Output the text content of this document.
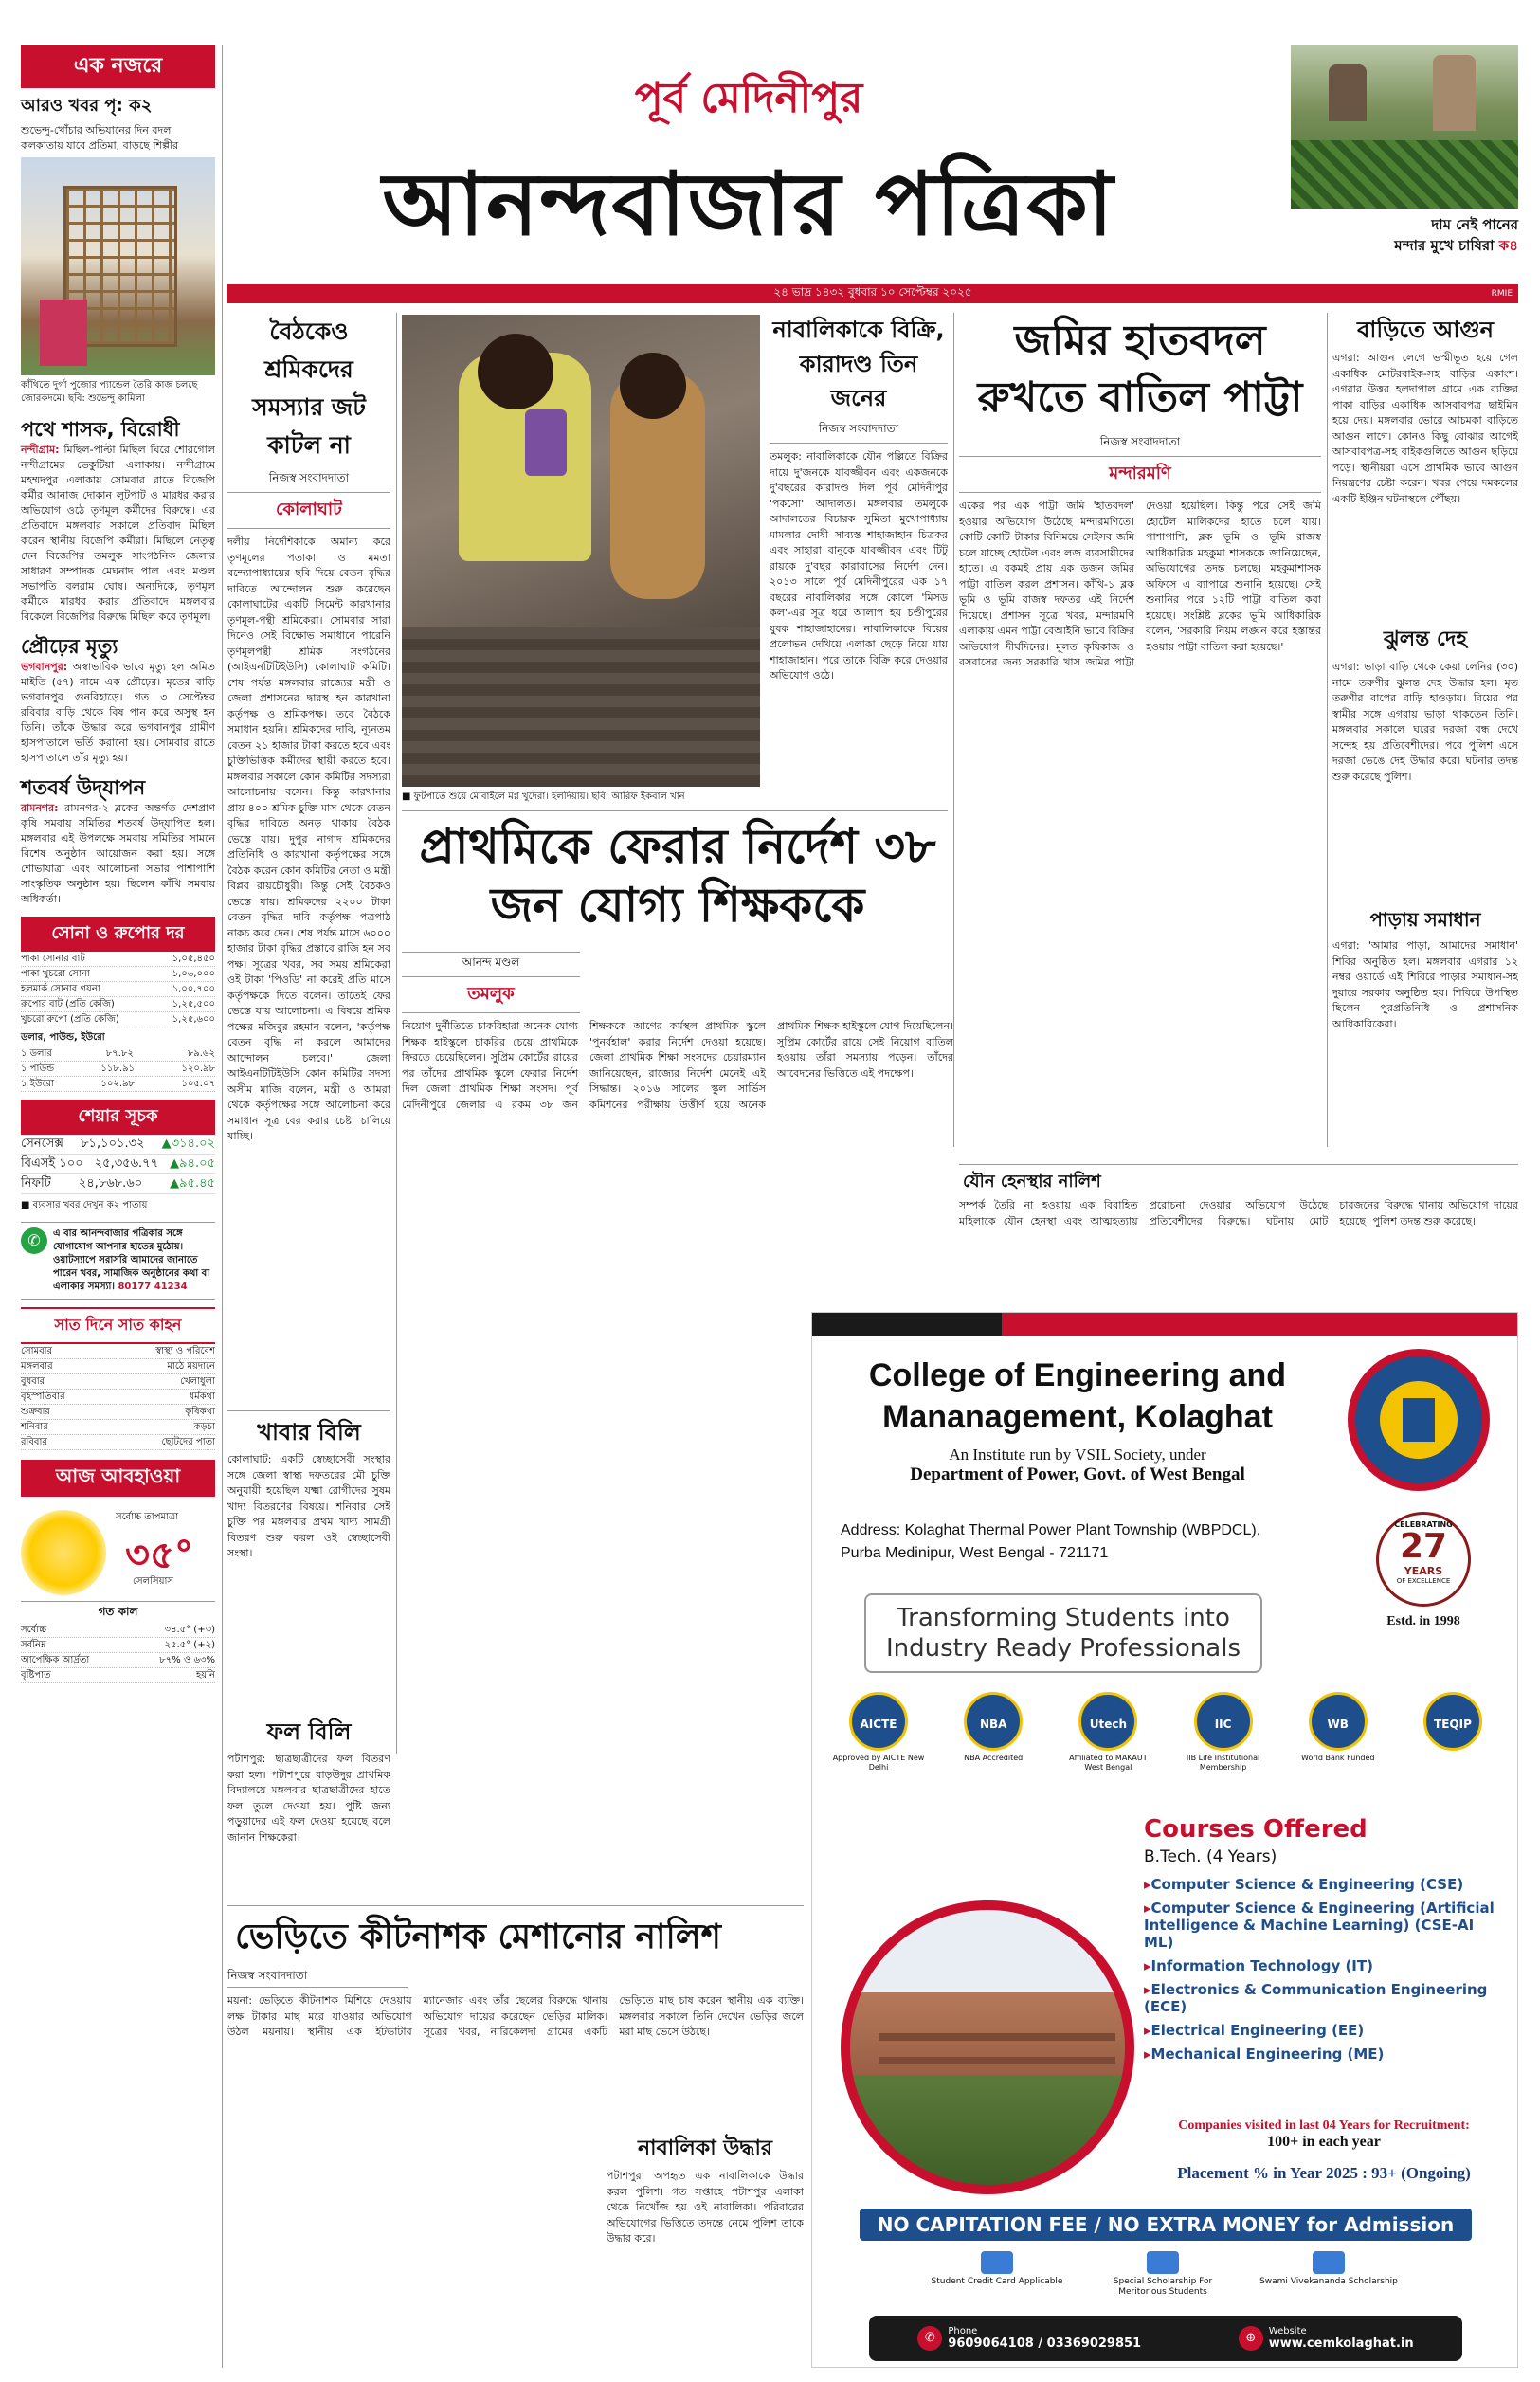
এক নজরে
আরও খবর পৃ: ক২
শুভেন্দু-খোঁচার অভিযানের দিন বদল
কলকাতায় যাবে প্রতিমা, বাড়ছে শিল্পীর
কাঁথিতে দুর্গা পুজোর প্যান্ডেল তৈরি কাজ চলছে জোরকদমে। ছবি: শুভেন্দু কামিলা
পথে শাসক, বিরোধী
নন্দীগ্রাম: মিছিল-পাল্টা মিছিল ঘিরে শোরগোল নন্দীগ্রামের ভেকুটিয়া এলাকায়। নন্দীগ্রামে মহম্মদপুর এলাকায় সোমবার রাতে বিজেপি কর্মীর আনাজ দোকান লুটপাট ও মারধর করার অভিযোগ ওঠে তৃণমূল কর্মীদের বিরুদ্ধে। এর প্রতিবাদে মঙ্গলবার সকালে প্রতিবাদ মিছিল করেন স্থানীয় বিজেপি কর্মীরা। মিছিলে নেতৃত্ব দেন বিজেপির তমলুক সাংগঠনিক জেলার সাধারণ সম্পাদক মেঘনাদ পাল এবং মণ্ডল সভাপতি বলরাম ঘোষ। অন্যদিকে, তৃণমূল কর্মীকে মারধর করার প্রতিবাদে মঙ্গলবার বিকেলে বিজেপির বিরুদ্ধে মিছিল করে তৃণমূল।
প্রৌঢ়ের মৃত্যু
ভগবানপুর: অস্বাভাবিক ভাবে মৃত্যু হল অমিত মাইতি (৫৭) নামে এক প্রৌঢ়ের। মৃতের বাড়ি ভগবানপুর গুনবিহাড়ে। গত ৩ সেপ্টেম্বর রবিবার বাড়ি থেকে বিষ পান করে অসুস্থ হন তিনি। তাঁকে উদ্ধার করে ভগবানপুর গ্রামীণ হাসপাতালে ভর্তি করানো হয়। সোমবার রাতে হাসপাতালে তাঁর মৃত্যু হয়।
শতবর্ষ উদ্‌যাপন
রামনগর: রামনগর-২ ব্লকের অন্তর্গত দেশপ্রাণ কৃষি সমবায় সমিতির শতবর্ষ উদ্‌যাপিত হল। মঙ্গলবার এই উপলক্ষে সমবায় সমিতির সামনে বিশেষ অনুষ্ঠান আয়োজন করা হয়। সঙ্গে শোভাযাত্রা এবং আলোচনা সভার পাশাপাশি সাংস্কৃতিক অনুষ্ঠান হয়। ছিলেন কাঁথি সমবায় অধিকর্তা।
সোনা ও রুপোর দর
পাকা সোনার বাট	১,০৫,৪৫০
পাকা খুচরো সোনা	১,০৬,০০০
হলমার্ক সোনার গয়না	১,০০,৭০০
রুপোর বাট (প্রতি কেজি)	১,২৫,৫০০
খুচরো রুপো (প্রতি কেজি)	১,২৫,৬০০
ডলার, পাউন্ড, ইউরো
১ ডলার	৮৭.৮২	৮৯.৬২
১ পাউন্ড	১১৮.৯১	১২০.৯৮
১ ইউরো	১০২.৯৮	১০৫.০৭
শেয়ার সূচক
সেনসেক্স ৮১,১০১.৩২ ▲৩১৪.০২
বিএসই ১০০ ২৫,৩৫৬.৭৭ ▲৯৪.০৫
নিফটি ২৪,৮৬৮.৬০ ▲৯৫.৪৫
■ ব্যবসার খবর দেখুন ক২ পাতায়
✆	এ বার আনন্দবাজার পত্রিকার সঙ্গে যোগাযোগ আপনার হাতের মুঠোয়। ওয়াটস্যাপে সরাসরি আমাদের জানাতে পারেন খবর, সামাজিক অনুষ্ঠানের কথা বা এলাকার সমস্যা। 80177 41234
সাত দিনে সাত কাহন
সোমবার	স্বাস্থ্য ও পরিবেশ
মঙ্গলবার	মাঠে ময়দানে
বুধবার	খেলাধুলা
বৃহস্পতিবার	ধর্মকথা
শুক্রবার	কৃষিকথা
শনিবার	কড়চা
রবিবার	ছোটদের পাতা
আজ আবহাওয়া
সর্বোচ্চ তাপমাত্রা
৩৫°
সেলসিয়াস
গত কাল
সর্বোচ্চ	৩৪.৫° (+৩)
সর্বনিম্ন	২৫.৫° (+২)
আপেক্ষিক আর্দ্রতা	৮৭% ও ৬৩%
বৃষ্টিপাত	হয়নি
পূর্ব মেদিনীপুর
আনন্দবাজার পত্রিকা	দাম নেই পানের
মন্দার মুখে চাষিরা ক৪
২৪ ভাদ্র ১৪৩২ বুধবার ১০ সেপ্টেম্বর ২০২৫	RMIE
বৈঠকেও শ্রমিকদের সমস্যার জট কাটল না
নিজস্ব সংবাদদাতা
কোলাঘাট
দলীয় নির্দেশিকাকে অমান্য করে তৃণমূলের পতাকা ও মমতা বন্দ্যোপাধ্যায়ের ছবি দিয়ে বেতন বৃদ্ধির দাবিতে আন্দোলন শুরু করেছেন কোলাঘাটের একটি সিমেন্ট কারখানার তৃণমূল-পন্থী শ্রমিকেরা। সোমবার সারা দিনেও সেই বিক্ষোভ সমাধানে পারেনি তৃণমূলপন্থী শ্রমিক সংগঠনের (আইএনটিটিইউসি) কোলাঘাট কমিটি। শেষ পর্যন্ত মঙ্গলবার রাজ্যের মন্ত্রী ও জেলা প্রশাসনের দ্বারস্থ হন কারখানা কর্তৃপক্ষ ও শ্রমিকপক্ষ। তবে বৈঠকে সমাধান হয়নি। শ্রমিকদের দাবি, ন্যূনতম বেতন ২১ হাজার টাকা করতে হবে এবং চুক্তিভিত্তিক কর্মীদের স্থায়ী করতে হবে। মঙ্গলবার সকালে কোন কমিটির সদস্যরা আলোচনায় বসেন। কিন্তু কারখানার প্রায় ৪০০ শ্রমিক চুক্তি মাস থেকে বেতন বৃদ্ধির দাবিতে অনড় থাকায় বৈঠক ভেস্তে যায়। দুপুর নাগাদ শ্রমিকদের প্রতিনিধি ও কারখানা কর্তৃপক্ষের সঙ্গে বৈঠক করেন কোন কমিটির নেতা ও মন্ত্রী বিপ্লব রায়চৌধুরী। কিন্তু সেই বৈঠকও ভেস্তে যায়। শ্রমিকদের ২২০০ টাকা বেতন বৃদ্ধির দাবি কর্তৃপক্ষ পত্রপাঠ নাকচ করে দেন। শেষ পর্যন্ত মাসে ৬০০০ হাজার টাকা বৃদ্ধির প্রস্তাবে রাজি হন সব পক্ষ। সূত্রের খবর, সব সময় শ্রমিকেরা ওই টাকা 'পিওডি' না করেই প্রতি মাসে কর্তৃপক্ষকে দিতে বলেন। তাতেই ফের ভেস্তে যায় আলোচনা। এ বিষয়ে শ্রমিক পক্ষের মজিবুর রহমান বলেন, 'কর্তৃপক্ষ বেতন বৃদ্ধি না করলে আমাদের আন্দোলন চলবে।' জেলা আইএনটিটিইউসি কোন কমিটির সদস্য অসীম মাজি বলেন, মন্ত্রী ও আমরা থেকে কর্তৃপক্ষের সঙ্গে আলোচনা করে সমাধান সূত্র বের করার চেষ্টা চালিয়ে যাচ্ছি।
■ ফুটপাতে শুয়ে মোবাইলে মগ্ন খুদেরা। হলদিয়ায়। ছবি: আরিফ ইকবাল খান
নাবালিকাকে বিক্রি, কারাদণ্ড তিন জনের
নিজস্ব সংবাদদাতা
তমলুক: নাবালিকাকে যৌন পল্লিতে বিক্রির দায়ে দু'জনকে যাবজ্জীবন এবং একজনকে দু'বছরের কারাদণ্ড দিল পূর্ব মেদিনীপুর 'পকসো' আদালত। মঙ্গলবার তমলুকে আদালতের বিচারক সুমিতা মুখোপাধ্যায় মামলার দোষী সাব্যস্ত শাহাজাহান চিত্রকর এবং সাহারা বানুকে যাবজ্জীবন এবং টিটু রায়কে দু'বছর কারাবাসের নির্দেশ দেন। ২০১৩ সালে পূর্ব মেদিনীপুরের এক ১৭ বছরের নাবালিকার সঙ্গে কোলে 'মিসড কল'-এর সূত্র ধরে আলাপ হয় চণ্ডীপুরের যুবক শাহাজাহানের। নাবালিকাকে বিয়ের প্রলোভন দেখিয়ে এলাকা ছেড়ে নিয়ে যায় শাহাজাহান। পরে তাকে বিক্রি করে দেওয়ার অভিযোগ ওঠে।
জমির হাতবদল রুখতে বাতিল পাট্টা
নিজস্ব সংবাদদাতা
মন্দারমণি
একের পর এক পাট্টা জমি 'হাতবদল' হওয়ার অভিযোগ উঠেছে মন্দারমণিতে। কোটি কোটি টাকার বিনিময়ে সেইসব জমি চলে যাচ্ছে হোটেল এবং লজ ব্যবসায়ীদের হাতে। এ রকমই প্রায় এক ডজন জমির পাট্টা বাতিল করল প্রশাসন। কাঁথি-১ ব্লক ভূমি ও ভূমি রাজস্ব দফতর এই নির্দেশ দিয়েছে। প্রশাসন সূত্রে খবর, মন্দারমণি এলাকায় এমন পাট্টা বেআইনি ভাবে বিক্রির অভিযোগ দীর্ঘদিনের। মূলত কৃষিকাজ ও বসবাসের জন্য সরকারি খাস জমির পাট্টা দেওয়া হয়েছিল। কিন্তু পরে সেই জমি হোটেল মালিকদের হাতে চলে যায়। পাশাপাশি, ব্লক ভূমি ও ভূমি রাজস্ব আধিকারিক মহকুমা শাসককে জানিয়েছেন, অভিযোগের তদন্ত চলছে। মহকুমাশাসক অফিসে এ ব্যাপারে শুনানি হয়েছে। সেই শুনানির পরে ১২টি পাট্টা বাতিল করা হয়েছে। সংশ্লিষ্ট ব্লকের ভূমি আধিকারিক বলেন, 'সরকারি নিয়ম লঙ্ঘন করে হস্তান্তর হওয়ায় পাট্টা বাতিল করা হয়েছে।'
বাড়িতে আগুন
এগরা: আগুন লেগে ভস্মীভূত হয়ে গেল একাধিক মোটরবাইক-সহ বাড়ির একাংশ। এগরার উত্তর হলদাপাল গ্রামে এক ব্যক্তির পাকা বাড়ির একাধিক আসবাবপত্র ছাইমিন হয়ে দেয়। মঙ্গলবার ভোরে আচমকা বাড়িতে আগুন লাগে। কোনও কিছু বোঝার আগেই আসবাবপত্র-সহ বাইকগুলিতে আগুন ছড়িয়ে পড়ে। স্থানীয়রা এসে প্রাথমিক ভাবে আগুন নিয়ন্ত্রণের চেষ্টা করেন। খবর পেয়ে দমকলের একটি ইঞ্জিন ঘটনাস্থলে পৌঁছয়।
ঝুলন্ত দেহ
এগরা: ভাড়া বাড়ি থেকে কেয়া লেনির (৩০) নামে তরুণীর ঝুলন্ত দেহ উদ্ধার হল। মৃত তরুণীর বাপের বাড়ি হাওড়ায়। বিয়ের পর স্বামীর সঙ্গে এগরায় ভাড়া থাকতেন তিনি। মঙ্গলবার সকালে ঘরের দরজা বন্ধ দেখে সন্দেহ হয় প্রতিবেশীদের। পরে পুলিশ এসে দরজা ভেঙে দেহ উদ্ধার করে। ঘটনার তদন্ত শুরু করেছে পুলিশ।
পাড়ায় সমাধান
এগরা: 'আমার পাড়া, আমাদের সমাধান' শিবির অনুষ্ঠিত হল। মঙ্গলবার এগরার ১২ নম্বর ওয়ার্ডে এই শিবিরে পাড়ার সমাধান-সহ দুয়ারে সরকার অনুষ্ঠিত হয়। শিবিরে উপস্থিত ছিলেন পুরপ্রতিনিধি ও প্রশাসনিক আধিকারিকেরা।
যৌন হেনস্থার নালিশ
সম্পর্ক তৈরি না হওয়ায় এক বিবাহিত মহিলাকে যৌন হেনস্থা এবং আত্মহত্যায় প্ররোচনা দেওয়ার অভিযোগ উঠেছে প্রতিবেশীদের বিরুদ্ধে। ঘটনায় মোট চারজনের বিরুদ্ধে থানায় অভিযোগ দায়ের হয়েছে। পুলিশ তদন্ত শুরু করেছে।
প্রাথমিকে ফেরার নির্দেশ ৩৮ জন যোগ্য শিক্ষককে
আনন্দ মণ্ডল
তমলুক
নিয়োগ দুর্নীতিতে চাকরিহারা অনেক যোগ্য শিক্ষক হাইস্কুলে চাকরির চেয়ে প্রাথমিকে ফিরতে চেয়েছিলেন। সুপ্রিম কোর্টের রায়ের পর তাঁদের প্রাথমিক স্কুলে ফেরার নির্দেশ দিল জেলা প্রাথমিক শিক্ষা সংসদ। পূর্ব মেদিনীপুরে জেলার এ রকম ৩৮ জন শিক্ষককে আগের কর্মস্থল প্রাথমিক স্কুলে 'পুনর্বহাল' করার নির্দেশ দেওয়া হয়েছে। জেলা প্রাথমিক শিক্ষা সংসদের চেয়ারম্যান জানিয়েছেন, রাজ্যের নির্দেশ মেনেই এই সিদ্ধান্ত। ২০১৬ সালের স্কুল সার্ভিস কমিশনের পরীক্ষায় উত্তীর্ণ হয়ে অনেক প্রাথমিক শিক্ষক হাইস্কুলে যোগ দিয়েছিলেন। সুপ্রিম কোর্টের রায়ে সেই নিয়োগ বাতিল হওয়ায় তাঁরা সমস্যায় পড়েন। তাঁদের আবেদনের ভিত্তিতে এই পদক্ষেপ।
খাবার বিলি
কোলাঘাট: একটি স্বেচ্ছাসেবী সংস্থার সঙ্গে জেলা স্বাস্থ্য দফতরের মৌ চুক্তি অনুযায়ী হয়েছিল যক্ষ্মা রোগীদের সুষম খাদ্য বিতরণের বিষয়ে। শনিবার সেই চুক্তি পর মঙ্গলবার প্রথম খাদ্য সামগ্রী বিতরণ শুরু করল ওই স্বেচ্ছাসেবী সংস্থা।
ফল বিলি
পটাশপুর: ছাত্রছাত্রীদের ফল বিতরণ করা হল। পটাশপুরে বাড়উদুর প্রাথমিক বিদ্যালয়ে মঙ্গলবার ছাত্রছাত্রীদের হাতে ফল তুলে দেওয়া হয়। পুষ্টি জন্য পড়ুয়াদের এই ফল দেওয়া হয়েছে বলে জানান শিক্ষকেরা।
ভেড়িতে কীটনাশক মেশানোর নালিশ
নিজস্ব সংবাদদাতা
ময়না: ভেড়িতে কীটনাশক মিশিয়ে দেওয়ায় লক্ষ টাকার মাছ মরে যাওয়ার অভিযোগ উঠল ময়নায়। স্থানীয় এক ইটভাটার ম্যানেজার এবং তাঁর ছেলের বিরুদ্ধে থানায় অভিযোগ দায়ের করেছেন ভেড়ির মালিক। সূত্রের খবর, নারিকেলদা গ্রামের একটি ভেড়িতে মাছ চাষ করেন স্থানীয় এক ব্যক্তি। মঙ্গলবার সকালে তিনি দেখেন ভেড়ির জলে মরা মাছ ভেসে উঠছে।
নাবালিকা উদ্ধার
পটাশপুর: অপহৃত এক নাবালিকাকে উদ্ধার করল পুলিশ। গত সপ্তাহে পটাশপুর এলাকা থেকে নিখোঁজ হয় ওই নাবালিকা। পরিবারের অভিযোগের ভিত্তিতে তদন্তে নেমে পুলিশ তাকে উদ্ধার করে।
College of Engineering and
Mananagement, Kolaghat
An Institute run by VSIL Society, under
Department of Power, Govt. of West Bengal
Address: Kolaghat Thermal Power Plant Township (WBPDCL),
Purba Medinipur, West Bengal - 721171
CELEBRATING
27
YEARS
OF EXCELLENCE
Estd. in 1998
Transforming Students into
Industry Ready Professionals
AICTE
Approved by AICTE New Delhi
NBA
NBA Accredited
Utech
Affiliated to MAKAUT West Bengal
IIC
IIB Life Institutional Membership
WB
World Bank Funded
TEQIP
Courses Offered
B.Tech. (4 Years)
▸ Computer Science & Engineering (CSE)
▸ Computer Science & Engineering (Artificial Intelligence & Machine Learning) (CSE-AI ML)
▸ Information Technology (IT)
▸ Electronics & Communication Engineering (ECE)
▸ Electrical Engineering (EE)
▸ Mechanical Engineering (ME)
Companies visited in last 04 Years for Recruitment:
100+ in each year
Placement % in Year 2025 : 93+ (Ongoing)
NO CAPITATION FEE / NO EXTRA MONEY for Admission
Student Credit Card Applicable	Special Scholarship For Meritorious Students
Swami Vivekananda Scholarship
✆	Phone
9609064108 / 03369029851	⊕	Website
www.cemkolaghat.in
